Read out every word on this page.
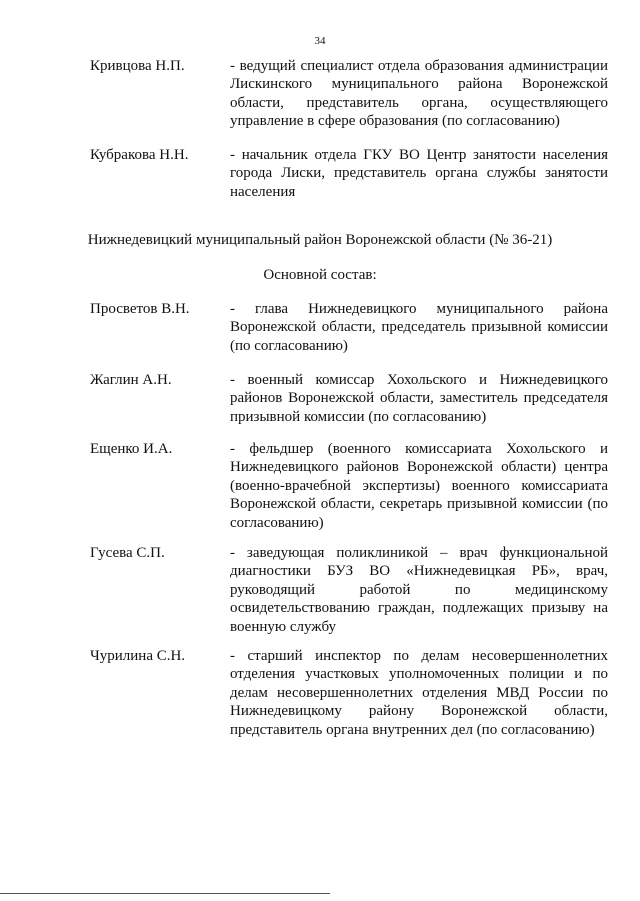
34
Кривцова Н.П.	- ведущий специалист отдела образования администрации Лискинского муниципального района Воронежской области, представитель органа, осуществляющего управление в сфере образования (по согласованию)
Кубракова Н.Н.	- начальник отдела ГКУ ВО Центр занятости населения города Лиски, представитель органа службы занятости населения
Нижнедевицкий муниципальный район Воронежской области (№ 36-21)
Основной состав:
Просветов В.Н.	- глава Нижнедевицкого муниципального района Воронежской области, председатель призывной комиссии (по согласованию)
Жаглин А.Н.	- военный комиссар Хохольского и Нижнедевицкого районов Воронежской области, заместитель председателя призывной комиссии (по согласованию)
Ещенко И.А.	- фельдшер (военного комиссариата Хохольского и Нижнедевицкого районов Воронежской области) центра (военно-врачебной экспертизы) военного комиссариата Воронежской области, секретарь призывной комиссии (по согласованию)
Гусева С.П.	- заведующая поликлиникой – врач функциональной диагностики БУЗ ВО «Нижнедевицкая РБ», врач, руководящий работой по медицинскому освидетельствованию граждан, подлежащих призыву на военную службу
Чурилина С.Н.	- старший инспектор по делам несовершеннолетних отделения участковых уполномоченных полиции и по делам несовершеннолетних отделения МВД России по Нижнедевицкому району Воронежской области, представитель органа внутренних дел (по согласованию)
